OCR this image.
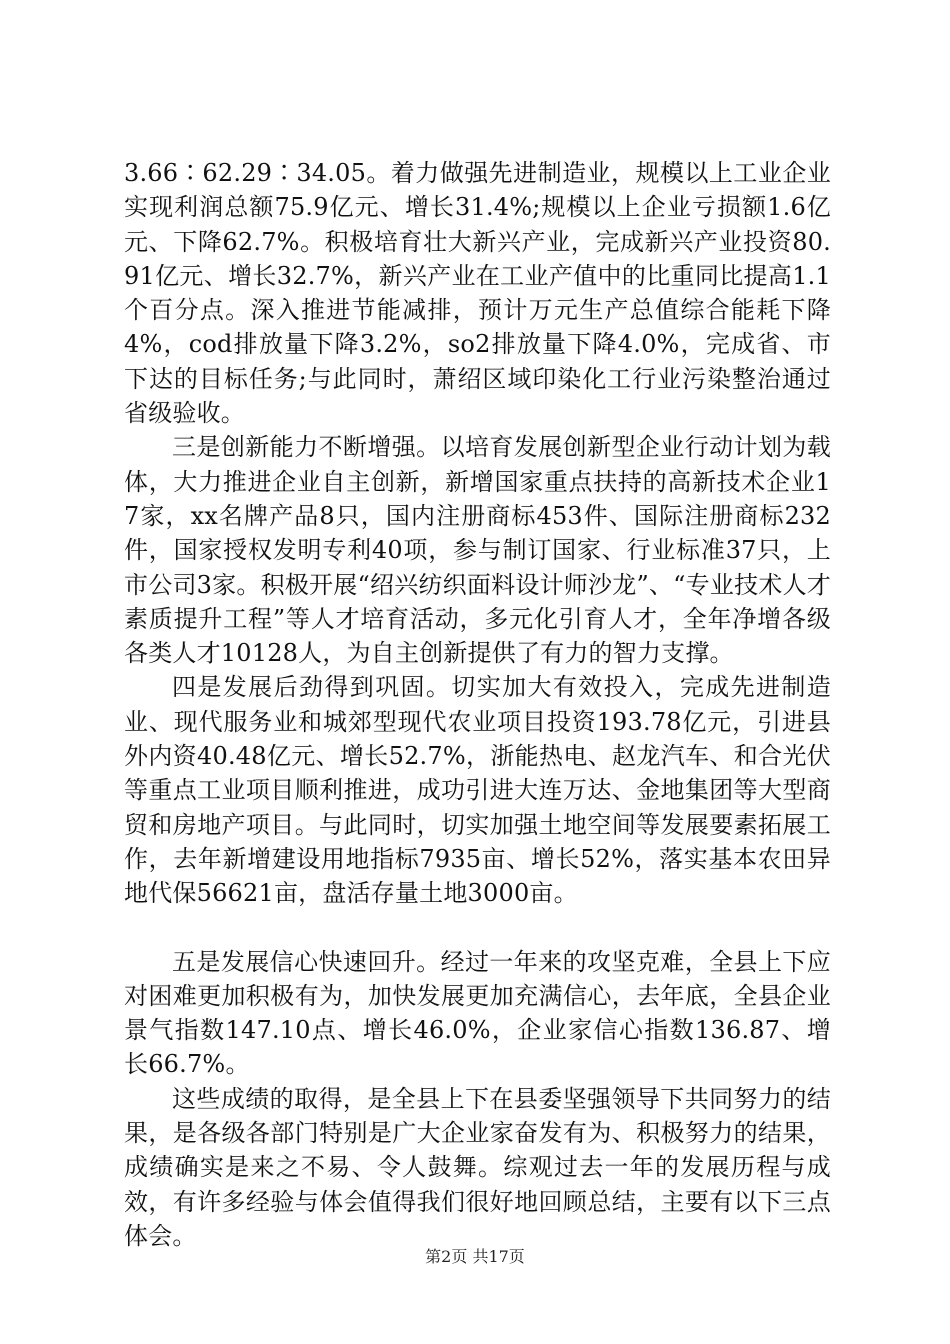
3.66∶62.29∶34.05。着力做强先进制造业，规模以上工业企业实现利润总额75.9亿元、增长31.4%;规模以上企业亏损额1.6亿元、下降62.7%。积极培育壮大新兴产业，完成新兴产业投资80.91亿元、增长32.7%，新兴产业在工业产值中的比重同比提高1.1个百分点。深入推进节能减排，预计万元生产总值综合能耗下降4%，cod排放量下降3.2%，so2排放量下降4.0%，完成省、市下达的目标任务;与此同时，萧绍区域印染化工行业污染整治通过省级验收。

三是创新能力不断增强。以培育发展创新型企业行动计划为载体，大力推进企业自主创新，新增国家重点扶持的高新技术企业17家，xx名牌产品8只，国内注册商标453件、国际注册商标232件，国家授权发明专利40项，参与制订国家、行业标准37只，上市公司3家。积极开展“绍兴纺织面料设计师沙龙”、“专业技术人才素质提升工程”等人才培育活动，多元化引育人才，全年净增各级各类人才10128人，为自主创新提供了有力的智力支撑。

四是发展后劲得到巩固。切实加大有效投入，完成先进制造业、现代服务业和城郊型现代农业项目投资193.78亿元，引进县外内资40.48亿元、增长52.7%，浙能热电、赵龙汽车、和合光伏等重点工业项目顺利推进，成功引进大连万达、金地集团等大型商贸和房地产项目。与此同时，切实加强土地空间等发展要素拓展工作，去年新增建设用地指标7935亩、增长52%，落实基本农田异地代保56621亩，盘活存量土地3000亩。

五是发展信心快速回升。经过一年来的攻坚克难，全县上下应对困难更加积极有为，加快发展更加充满信心，去年底，全县企业景气指数147.10点、增长46.0%，企业家信心指数136.87、增长66.7%。

这些成绩的取得，是全县上下在县委坚强领导下共同努力的结果，是各级各部门特别是广大企业家奋发有为、积极努力的结果，成绩确实是来之不易、令人鼓舞。综观过去一年的发展历程与成效，有许多经验与体会值得我们很好地回顾总结，主要有以下三点体会。

第2页 共17页
